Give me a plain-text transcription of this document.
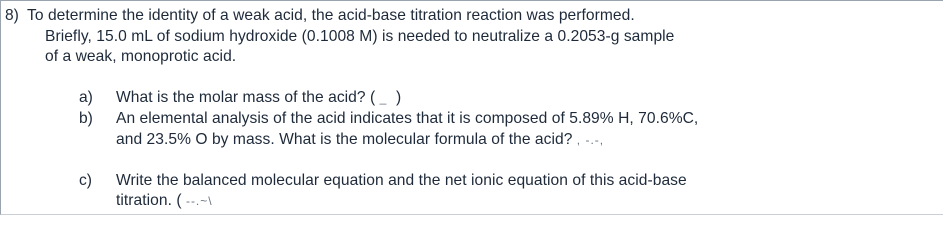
8) To determine the identity of a weak acid, the acid-base titration reaction was performed.
Briefly, 15.0 mL of sodium hydroxide (0.1008 M) is needed to neutralize a 0.2053-g sample
of a weak, monoprotic acid.
a) What is the molar mass of the acid? ( _  )
b) An elemental analysis of the acid indicates that it is composed of 5.89% H, 70.6%C,
and 23.5% O by mass. What is the molecular formula of the acid? , -.-,
c) Write the balanced molecular equation and the net ionic equation of this acid-base
titration. ( --.~\
